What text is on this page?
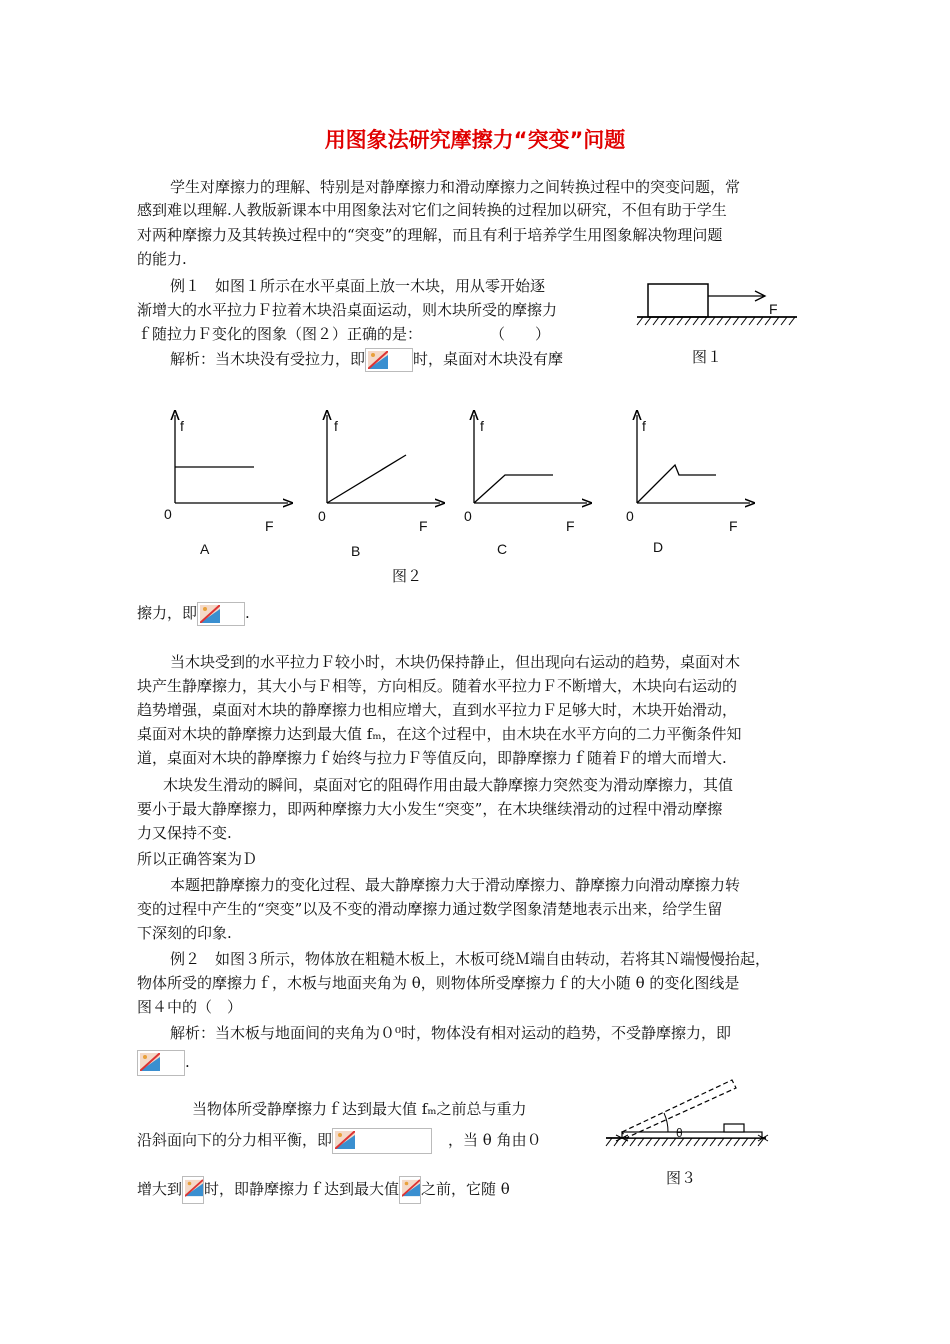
用图象法研究摩擦力“突变”问题
学生对摩擦力的理解、特别是对静摩擦力和滑动摩擦力之间转换过程中的突变问题，常
感到难以理解.人教版新课本中用图象法对它们之间转换的过程加以研究，不但有助于学生
对两种摩擦力及其转换过程中的“突变”的理解，而且有利于培养学生用图象解决物理问题
的能力.
例１　如图１所示在水平桌面上放一木块，用从零开始逐
渐增大的水平拉力Ｆ拉着木块沿桌面运动，则木块所受的摩擦力
ｆ随拉力Ｆ变化的图象（图２）正确的是：	（　　）
解析：当木块没有受拉力，即	时，桌面对木块没有摩
F
图１
f
0
F
A
f
0
F
B
f
0
F
C
f
0
F
D
图２
擦力，即	.
当木块受到的水平拉力Ｆ较小时，木块仍保持静止，但出现向右运动的趋势，桌面对木
块产生静摩擦力，其大小与Ｆ相等，方向相反。随着水平拉力Ｆ不断增大，木块向右运动的
趋势增强，桌面对木块的静摩擦力也相应增大，直到水平拉力Ｆ足够大时，木块开始滑动，
桌面对木块的静摩擦力达到最大值 fₘ，在这个过程中，由木块在水平方向的二力平衡条件知
道，桌面对木块的静摩擦力ｆ始终与拉力Ｆ等值反向，即静摩擦力ｆ随着Ｆ的增大而增大.
木块发生滑动的瞬间，桌面对它的阻碍作用由最大静摩擦力突然变为滑动摩擦力，其值
要小于最大静摩擦力，即两种摩擦力大小发生“突变”，在木块继续滑动的过程中滑动摩擦
力又保持不变.
所以正确答案为Ｄ
本题把静摩擦力的变化过程、最大静摩擦力大于滑动摩擦力、静摩擦力向滑动摩擦力转
变的过程中产生的“突变”以及不变的滑动摩擦力通过数学图象清楚地表示出来，给学生留
下深刻的印象.
例２　如图３所示，物体放在粗糙木板上，木板可绕Ｍ端自由转动，若将其Ｎ端慢慢抬起，
物体所受的摩擦力ｆ，木板与地面夹角为 θ，则物体所受摩擦力ｆ的大小随 θ 的变化图线是
图４中的（　）
解析：当木板与地面间的夹角为０⁰时，物体没有相对运动的趋势，不受静摩擦力，即
.
当物体所受静摩擦力ｆ达到最大值 fₘ之前总与重力
沿斜面向下的分力相平衡，即	，当 θ 角由０
增大到 时，即静摩擦力ｆ达到最大值 之前，它随 θ
θ
图３
